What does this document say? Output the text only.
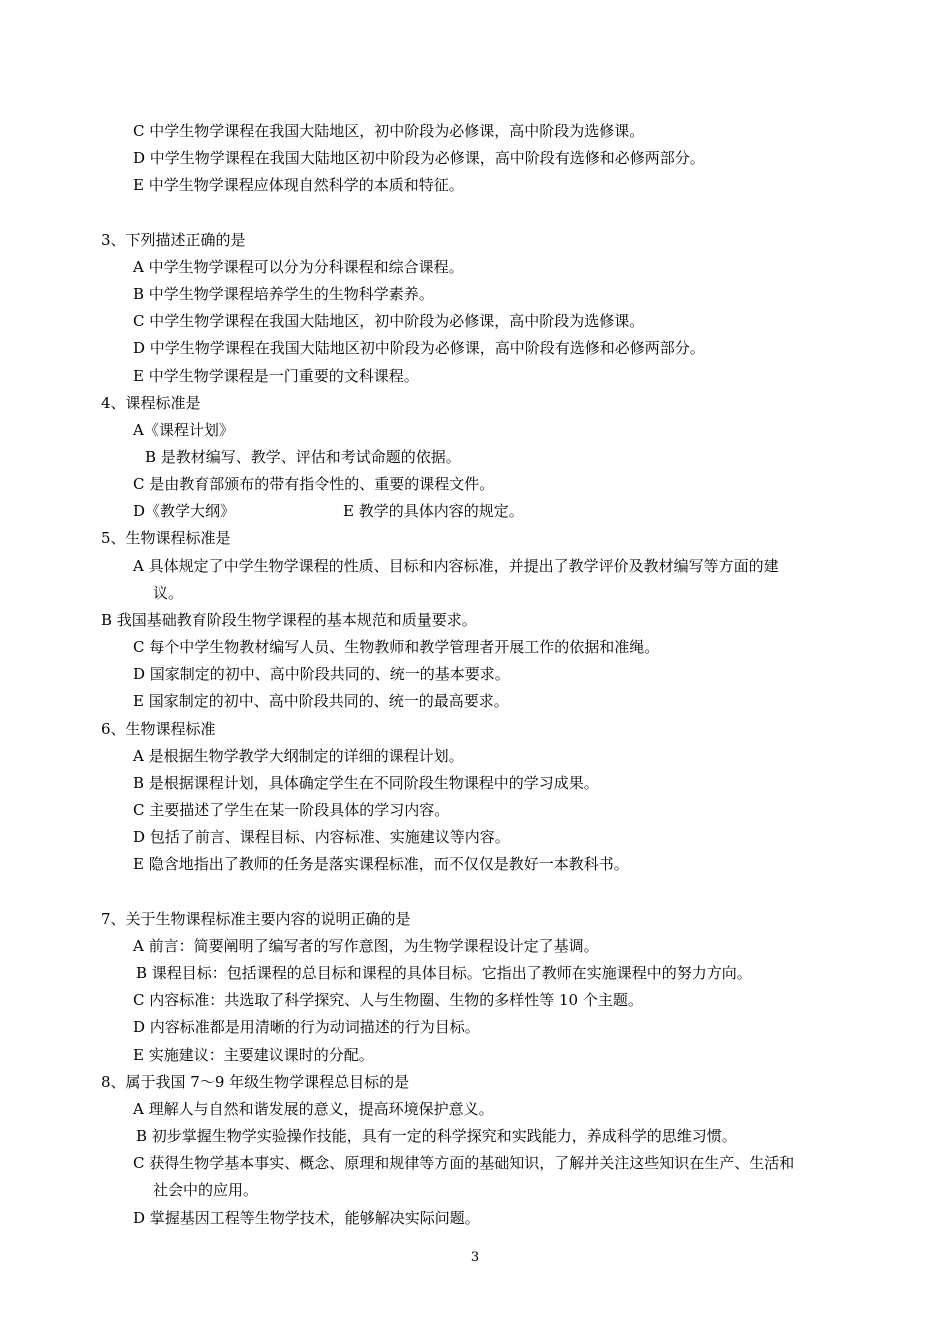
C 中学生物学课程在我国大陆地区，初中阶段为必修课，高中阶段为选修课。
D 中学生物学课程在我国大陆地区初中阶段为必修课，高中阶段有选修和必修两部分。
E 中学生物学课程应体现自然科学的本质和特征。
3、下列描述正确的是
A 中学生物学课程可以分为分科课程和综合课程。
B 中学生物学课程培养学生的生物科学素养。
C 中学生物学课程在我国大陆地区，初中阶段为必修课，高中阶段为选修课。
D 中学生物学课程在我国大陆地区初中阶段为必修课，高中阶段有选修和必修两部分。
E 中学生物学课程是一门重要的文科课程。
4、课程标准是
A《课程计划》
B 是教材编写、教学、评估和考试命题的依据。
C 是由教育部颁布的带有指令性的、重要的课程文件。
D《教学大纲》	E 教学的具体内容的规定。
5、生物课程标准是
A 具体规定了中学生物学课程的性质、目标和内容标准，并提出了教学评价及教材编写等方面的建
议。
B 我国基础教育阶段生物学课程的基本规范和质量要求。
C 每个中学生物教材编写人员、生物教师和教学管理者开展工作的依据和准绳。
D 国家制定的初中、高中阶段共同的、统一的基本要求。
E 国家制定的初中、高中阶段共同的、统一的最高要求。
6、生物课程标准
A 是根据生物学教学大纲制定的详细的课程计划。
B 是根据课程计划，具体确定学生在不同阶段生物课程中的学习成果。
C 主要描述了学生在某一阶段具体的学习内容。
D 包括了前言、课程目标、内容标准、实施建议等内容。
E 隐含地指出了教师的任务是落实课程标准，而不仅仅是教好一本教科书。
7、关于生物课程标准主要内容的说明正确的是
A 前言：简要阐明了编写者的写作意图，为生物学课程设计定了基调。
B 课程目标：包括课程的总目标和课程的具体目标。它指出了教师在实施课程中的努力方向。
C 内容标准：共选取了科学探究、人与生物圈、生物的多样性等 10 个主题。
D 内容标准都是用清晰的行为动词描述的行为目标。
E 实施建议：主要建议课时的分配。
8、属于我国 7～9 年级生物学课程总目标的是
A 理解人与自然和谐发展的意义，提高环境保护意义。
B 初步掌握生物学实验操作技能，具有一定的科学探究和实践能力，养成科学的思维习惯。
C 获得生物学基本事实、概念、原理和规律等方面的基础知识，了解并关注这些知识在生产、生活和
社会中的应用。
D 掌握基因工程等生物学技术，能够解决实际问题。
3
